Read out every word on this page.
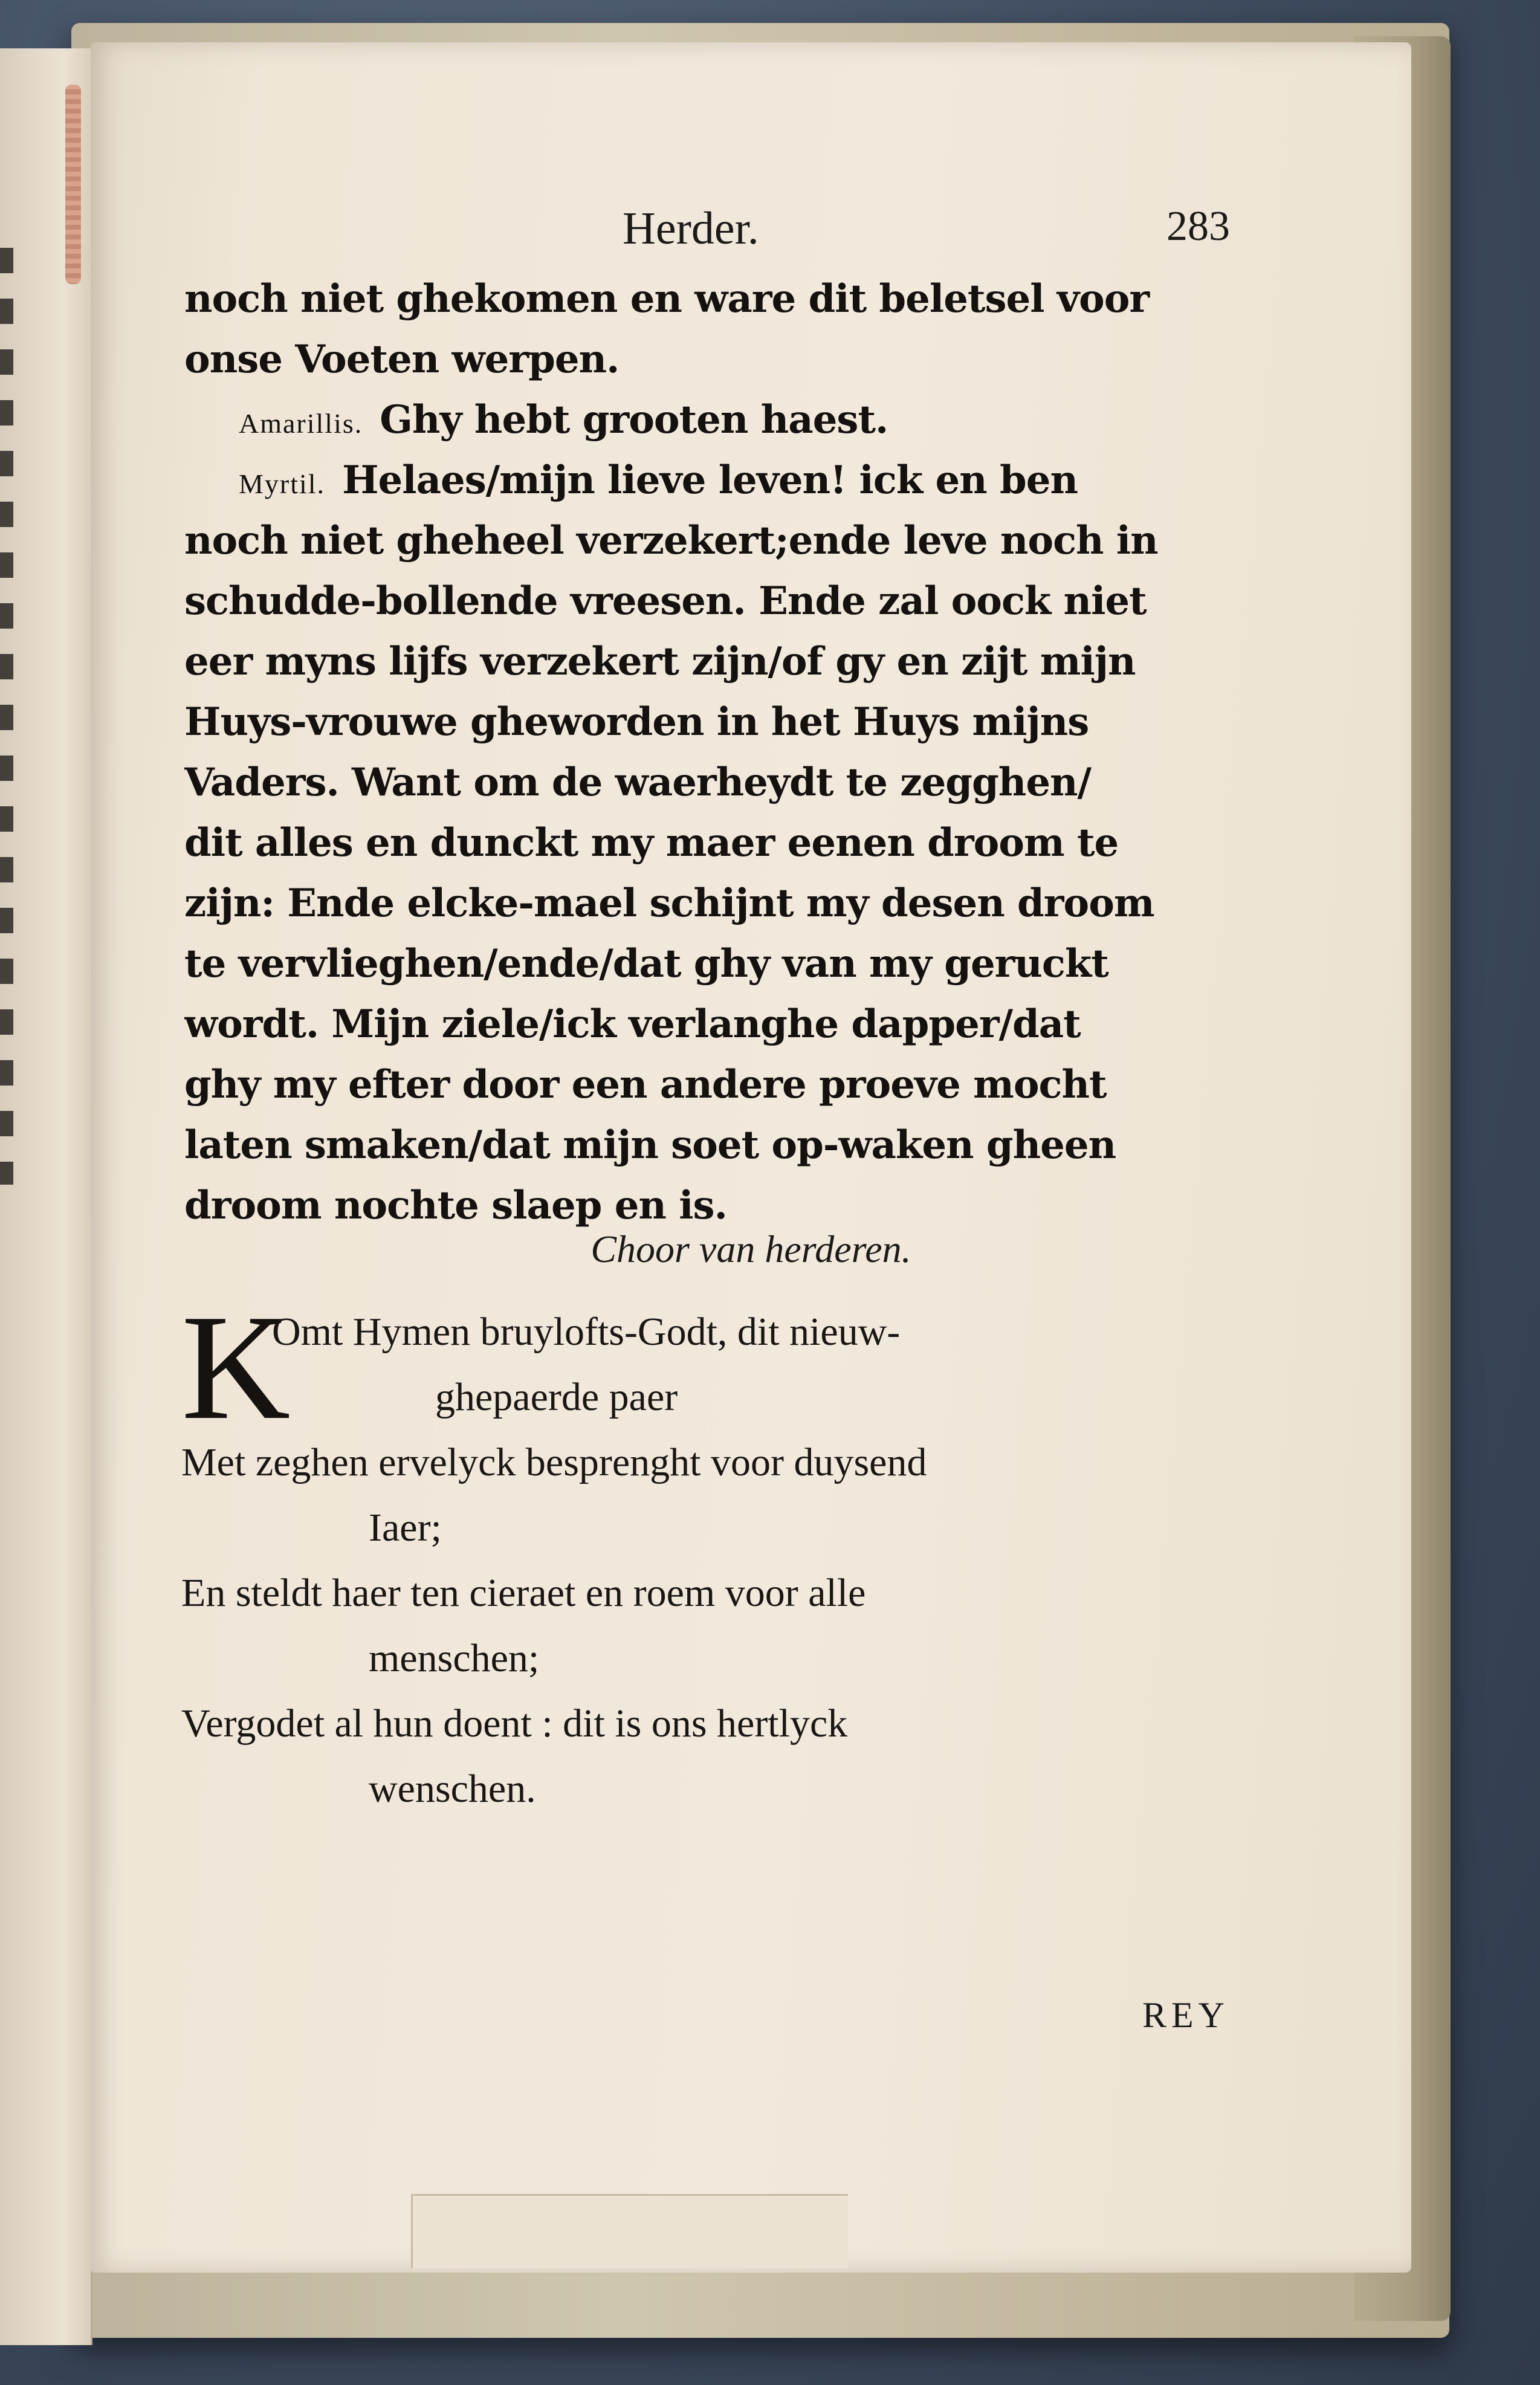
Herder.	283
noch niet ghekomen en ware dit beletsel voor
onse Voeten werpen.
Amarillis. Ghy hebt grooten haest.
Myrtil. Helaes/mijn lieve leven! ick en ben
noch niet gheheel verzekert;ende leve noch in
schudde-bollende vreesen. Ende zal oock niet
eer myns lijfs verzekert zijn/of gy en zijt mijn
Huys-vrouwe gheworden in het Huys mijns
Vaders. Want om de waerheydt te zegghen/
dit alles en dunckt my maer eenen droom te
zijn: Ende elcke-mael schijnt my desen droom
te vervlieghen/ende/dat ghy van my geruckt
wordt. Mijn ziele/ick verlanghe dapper/dat
ghy my efter door een andere proeve mocht
laten smaken/dat mijn soet op-waken gheen
droom nochte slaep en is.
Choor van herderen.
K
Omt Hymen bruylofts-Godt, dit nieuw-
ghepaerde paer
Met zeghen ervelyck besprenght voor duysend
Iaer;
En steldt haer ten cieraet en roem voor alle
menschen;
Vergodet al hun doent : dit is ons hertlyck
wenschen.
REY
